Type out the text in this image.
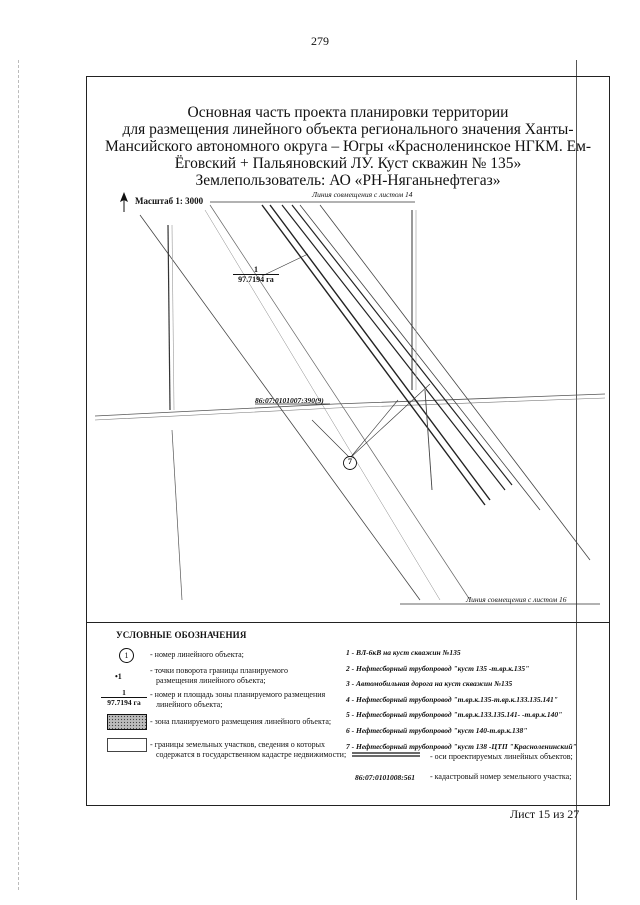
279
Основная часть проекта планировки территории
для размещения линейного объекта регионального значения Ханты-
Мансийского автономного округа – Югры «Красноленинское НГКМ. Ем-
Ёговский + Пальяновский ЛУ. Куст скважин № 135»
Землепользователь: АО «РН-Няганьнефтегаз»
Масштаб 1: 3000
Линия совмещения с листом 14
Линия совмещения с листом 16
1
97.7194 га
86:07:0101007:390(9)
7
УСЛОВНЫЕ ОБОЗНАЧЕНИЯ
1	- номер линейного объекта;
•1
- точки поворота границы планируемого
размещения линейного объекта;
1
97.7194 га
- номер и площадь зоны планируемого размещения
линейного объекта;
- зона планируемого размещения линейного объекта;
- границы земельных участков, сведения о которых
содержатся в государственном кадастре недвижимости;
1 - ВЛ-6кВ на куст скважин №135
2 - Нефтесборный трубопровод "куст 135 -т.вр.к.135"
3 - Автомобильная дорога на куст скважин №135
4 - Нефтесборный трубопровод "т.вр.к.135-т.вр.к.133.135.141"
5 - Нефтесборный трубопровод "т.вр.к.133.135.141- -т.вр.к.140"
6 - Нефтесборный трубопровод "куст 140-т.вр.к.138"
7 - Нефтесборный трубопровод "куст 138 -ЦТП "Красноленинский"
- оси проектируемых линейных объектов;
86:07:0101008:561 - кадастровый номер земельного участка;
Лист 15 из 27
